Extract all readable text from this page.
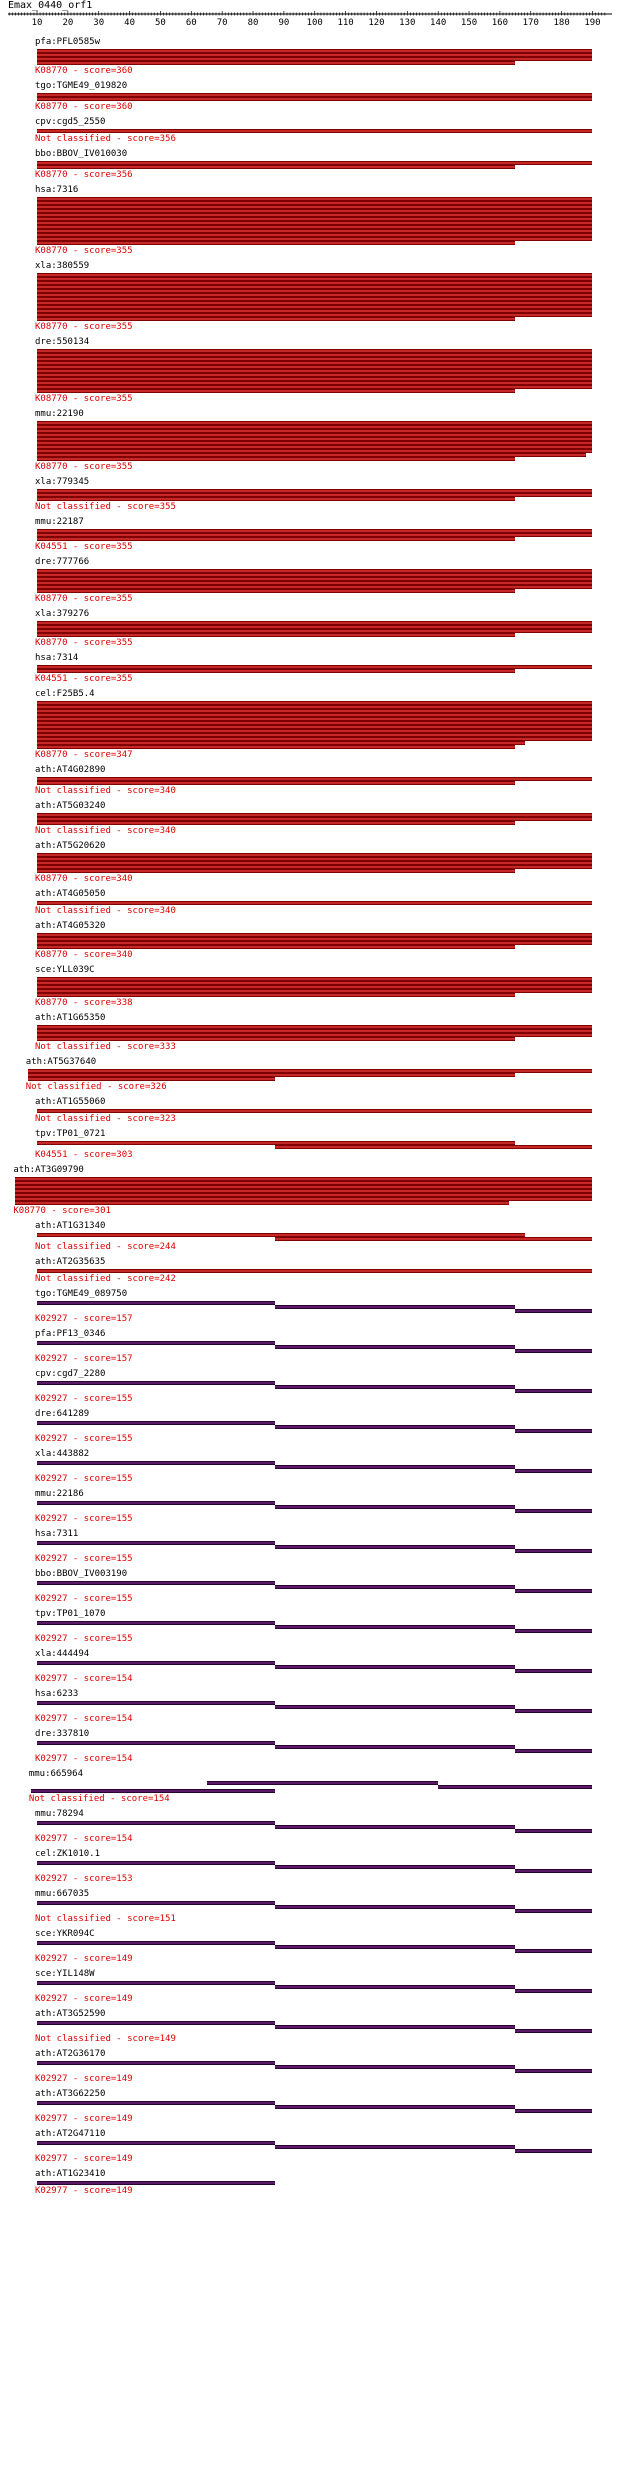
Emax_0440_orf1
10 20 30 40 50 60 70 80 90 100 110 120 130 140 150 160 170 180 190
pfa:PFL0585w
K08770 - score=360
tgo:TGME49_019820
K08770 - score=360
cpv:cgd5_2550
Not classified - score=356
bbo:BBOV_IV010030
K08770 - score=356
hsa:7316
K08770 - score=355
xla:380559
K08770 - score=355
dre:550134
K08770 - score=355
mmu:22190
K08770 - score=355
xla:779345
Not classified - score=355
mmu:22187
K04551 - score=355
dre:777766
K08770 - score=355
xla:379276
K08770 - score=355
hsa:7314
K04551 - score=355
cel:F25B5.4
K08770 - score=347
ath:AT4G02890
Not classified - score=340
ath:AT5G03240
Not classified - score=340
ath:AT5G20620
K08770 - score=340
ath:AT4G05050
Not classified - score=340
ath:AT4G05320
K08770 - score=340
sce:YLL039C
K08770 - score=338
ath:AT1G65350
Not classified - score=333
ath:AT5G37640
Not classified - score=326
ath:AT1G55060
Not classified - score=323
tpv:TP01_0721
K04551 - score=303
ath:AT3G09790
K08770 - score=301
ath:AT1G31340
Not classified - score=244
ath:AT2G35635
Not classified - score=242
tgo:TGME49_089750
K02927 - score=157
pfa:PF13_0346
K02927 - score=157
cpv:cgd7_2280
K02927 - score=155
dre:641289
K02927 - score=155
xla:443882
K02927 - score=155
mmu:22186
K02927 - score=155
hsa:7311
K02927 - score=155
bbo:BBOV_IV003190
K02927 - score=155
tpv:TP01_1070
K02927 - score=155
xla:444494
K02977 - score=154
hsa:6233
K02977 - score=154
dre:337810
K02977 - score=154
mmu:665964
Not classified - score=154
mmu:78294
K02977 - score=154
cel:ZK1010.1
K02927 - score=153
mmu:667035
Not classified - score=151
sce:YKR094C
K02927 - score=149
sce:YIL148W
K02927 - score=149
ath:AT3G52590
Not classified - score=149
ath:AT2G36170
K02927 - score=149
ath:AT3G62250
K02977 - score=149
ath:AT2G47110
K02977 - score=149
ath:AT1G23410
K02977 - score=149
